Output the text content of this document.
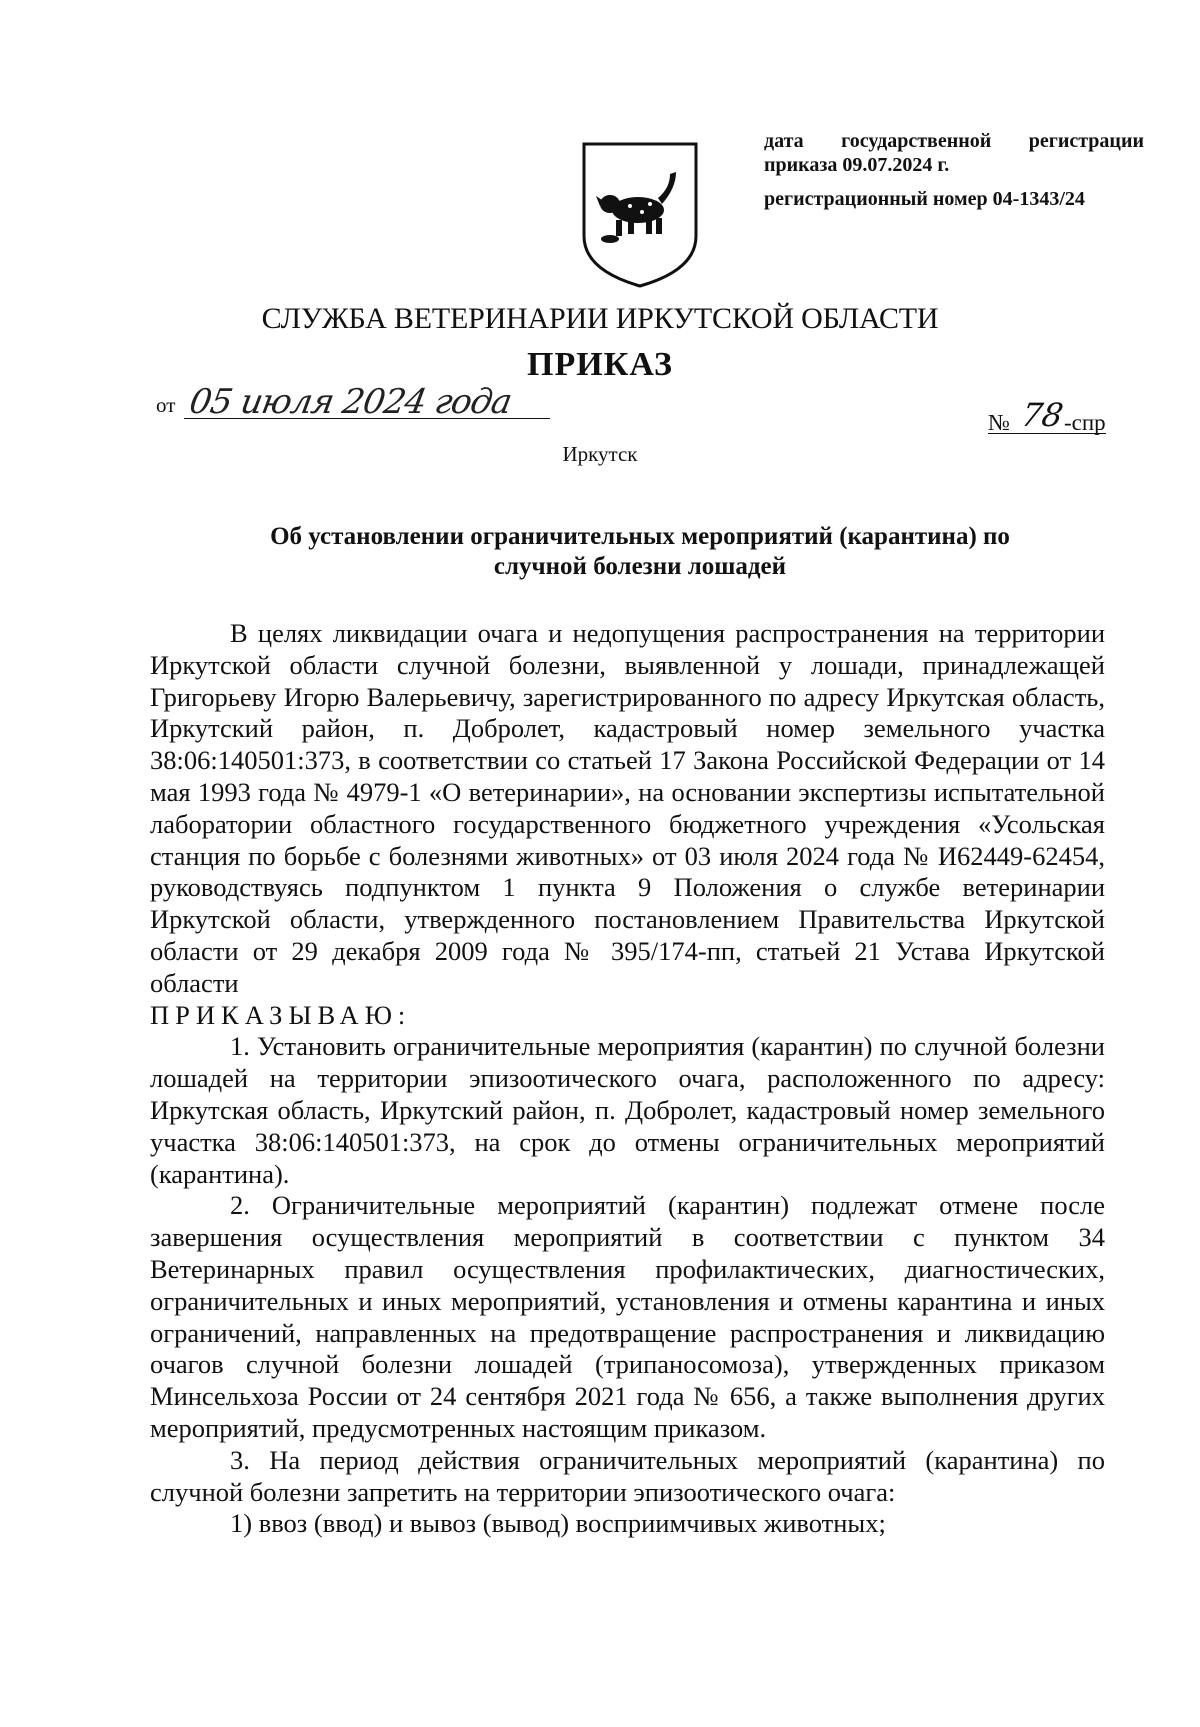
дата государственной регистрации
приказа 09.07.2024 г.
регистрационный номер 04-1343/24
СЛУЖБА ВЕТЕРИНАРИИ ИРКУТСКОЙ ОБЛАСТИ
ПРИКАЗ
от 05 июля 2024 года
№ 78
-спр
Иркутск
Об установлении ограничительных мероприятий (карантина) по
случной болезни лошадей

В целях ликвидации очага и недопущения распространения на территории Иркутской области случной болезни, выявленной у лошади, принадлежащей Григорьеву Игорю Валерьевичу, зарегистрированного по адресу Иркутская область, Иркутский район, п. Добролет, кадастровый номер земельного участка 38:06:140501:373, в соответствии со статьей 17 Закона Российской Федерации от 14 мая 1993 года № 4979-1 «О ветеринарии», на основании экспертизы испытательной лаборатории областного государственного бюджетного учреждения «Усольская станция по борьбе с болезнями животных» от 03 июля 2024 года № И62449-62454, руководствуясь подпунктом 1 пункта 9 Положения о службе ветеринарии Иркутской области, утвержденного постановлением Правительства Иркутской области от 29 декабря 2009 года № 395/174-пп, статьей 21 Устава Иркутской области

ПРИКАЗЫВАЮ:

1. Установить ограничительные мероприятия (карантин) по случной болезни лошадей на территории эпизоотического очага, расположенного по адресу: Иркутская область, Иркутский район, п. Добролет, кадастровый номер земельного участка 38:06:140501:373, на срок до отмены ограничительных мероприятий (карантина).

2. Ограничительные мероприятий (карантин) подлежат отмене после завершения осуществления мероприятий в соответствии с пунктом 34 Ветеринарных правил осуществления профилактических, диагностических, ограничительных и иных мероприятий, установления и отмены карантина и иных ограничений, направленных на предотвращение распространения и ликвидацию очагов случной болезни лошадей (трипаносомоза), утвержденных приказом Минсельхоза России от 24 сентября 2021 года № 656, а также выполнения других мероприятий, предусмотренных настоящим приказом.

3. На период действия ограничительных мероприятий (карантина) по случной болезни запретить на территории эпизоотического очага:

1) ввоз (ввод) и вывоз (вывод) восприимчивых животных;
